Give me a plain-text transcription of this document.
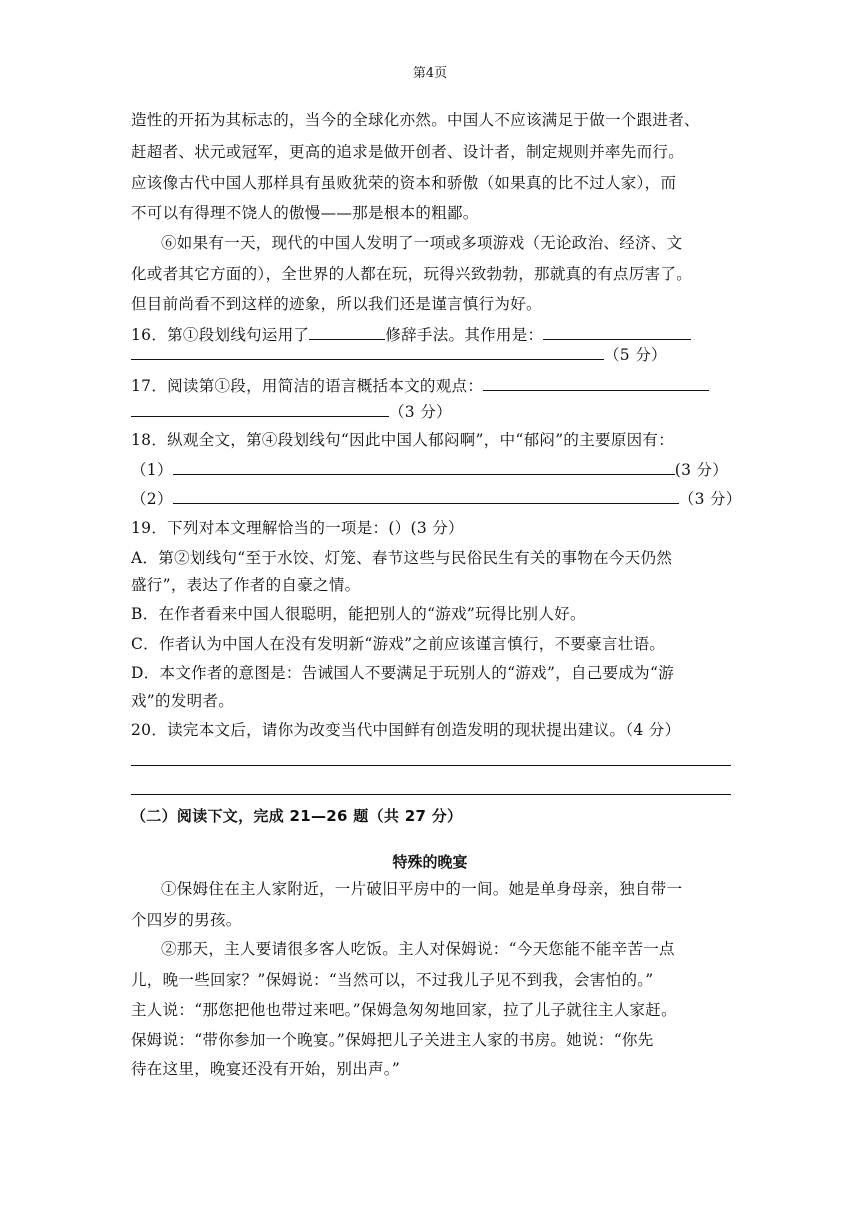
第4页
造性的开拓为其标志的，当今的全球化亦然。中国人不应该满足于做一个跟进者、
赶超者、状元或冠军，更高的追求是做开创者、设计者，制定规则并率先而行。
应该像古代中国人那样具有虽败犹荣的资本和骄傲（如果真的比不过人家），而
不可以有得理不饶人的傲慢——那是根本的粗鄙。
⑥如果有一天，现代的中国人发明了一项或多项游戏（无论政治、经济、文
化或者其它方面的），全世界的人都在玩，玩得兴致勃勃，那就真的有点厉害了。
但目前尚看不到这样的迹象，所以我们还是谨言慎行为好。
16．第①段划线句运用了	修辞手法。其作用是：
（5 分）
17．阅读第①段，用简洁的语言概括本文的观点：
（3 分）
18．纵观全文，第④段划线句“因此中国人郁闷啊”，中“郁闷”的主要原因有：
（1）	(3 分）
（2）	（3 分）
19．下列对本文理解恰当的一项是：(）(3 分）
A．第②划线句“至于水饺、灯笼、春节这些与民俗民生有关的事物在今天仍然
盛行”，表达了作者的自豪之情。
B．在作者看来中国人很聪明，能把别人的“游戏”玩得比别人好。
C．作者认为中国人在没有发明新“游戏”之前应该谨言慎行，不要豪言壮语。
D．本文作者的意图是：告诫国人不要满足于玩别人的“游戏”，自己要成为“游
戏”的发明者。
20．读完本文后，请你为改变当代中国鲜有创造发明的现状提出建议。（4 分）
（二）阅读下文，完成 21—26 题（共 27 分）
特殊的晚宴
①保姆住在主人家附近，一片破旧平房中的一间。她是单身母亲，独自带一
个四岁的男孩。
②那天，主人要请很多客人吃饭。主人对保姆说：“今天您能不能辛苦一点
儿，晚一些回家？”保姆说：“当然可以，不过我儿子见不到我，会害怕的。”
主人说：“那您把他也带过来吧。”保姆急匆匆地回家，拉了儿子就往主人家赶。
保姆说：“带你参加一个晚宴。”保姆把儿子关进主人家的书房。她说：“你先
待在这里，晚宴还没有开始，别出声。”
